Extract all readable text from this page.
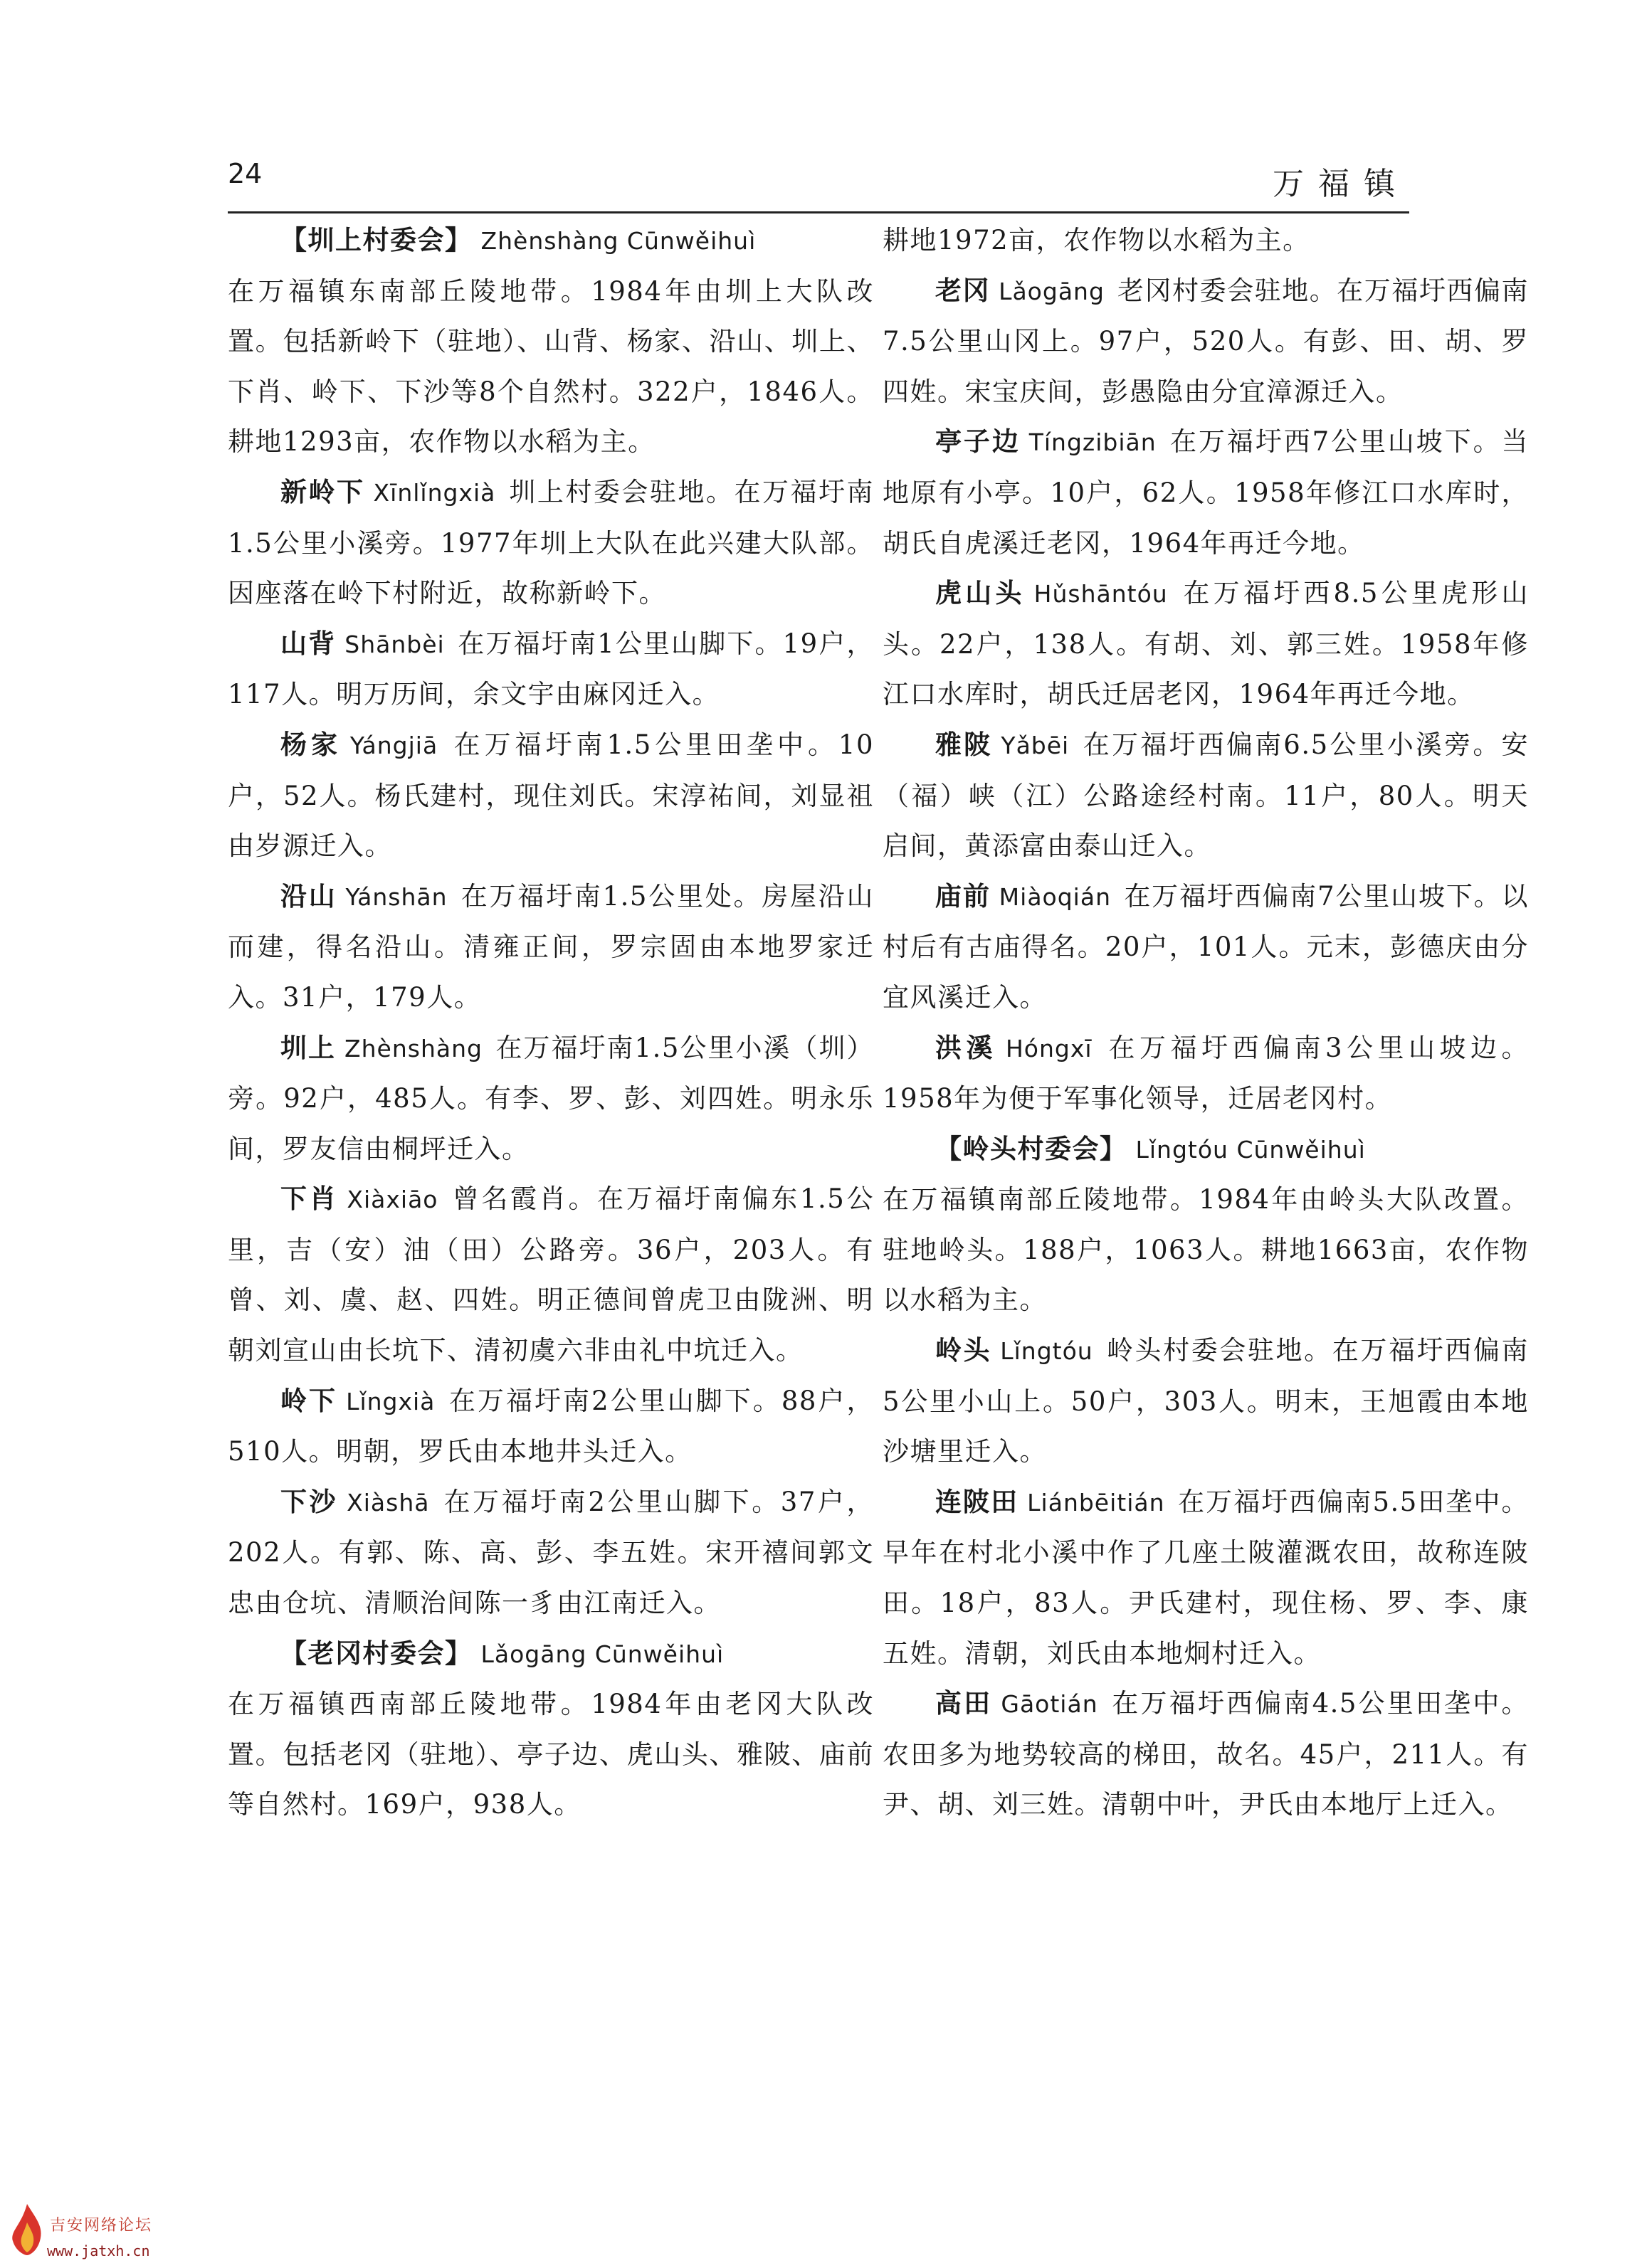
24	万福镇

【圳上村委会】 Zhènshàng Cūnwěihuì

在万福镇东南部丘陵地带。1984年由圳上大队改置。包括新岭下（驻地）、山背、杨家、沿山、圳上、下肖、岭下、下沙等8个自然村。322户，1846人。耕地1293亩，农作物以水稻为主。

新岭下 Xīnlǐngxià 圳上村委会驻地。在万福圩南1.5公里小溪旁。1977年圳上大队在此兴建大队部。因座落在岭下村附近，故称新岭下。

山背 Shānbèi 在万福圩南1公里山脚下。19户，117人。明万历间，余文宇由麻冈迁入。

杨家 Yángjiā 在万福圩南1.5公里田垄中。10户，52人。杨氏建村，现住刘氏。宋淳祐间，刘显祖由岁源迁入。

沿山 Yánshān 在万福圩南1.5公里处。房屋沿山而建，得名沿山。清雍正间，罗宗固由本地罗家迁入。31户，179人。

圳上 Zhènshàng 在万福圩南1.5公里小溪（圳）旁。92户，485人。有李、罗、彭、刘四姓。明永乐间，罗友信由桐坪迁入。

下肖 Xiàxiāo 曾名霞肖。在万福圩南偏东1.5公里，吉（安）油（田）公路旁。36户，203人。有曾、刘、虞、赵、四姓。明正德间曾虎卫由陇洲、明朝刘宣山由长坑下、清初虞六非由礼中坑迁入。

岭下 Lǐngxià 在万福圩南2公里山脚下。88户，510人。明朝，罗氏由本地井头迁入。

下沙 Xiàshā 在万福圩南2公里山脚下。37户，202人。有郭、陈、高、彭、李五姓。宋开禧间郭文忠由仓坑、清顺治间陈一豸由江南迁入。

【老冈村委会】 Lǎogāng Cūnwěihuì

在万福镇西南部丘陵地带。1984年由老冈大队改置。包括老冈（驻地）、亭子边、虎山头、雅陂、庙前等自然村。169户，938人。

耕地1972亩，农作物以水稻为主。

老冈 Lǎogāng 老冈村委会驻地。在万福圩西偏南7.5公里山冈上。97户，520人。有彭、田、胡、罗四姓。宋宝庆间，彭愚隐由分宜漳源迁入。

亭子边 Tíngzibiān 在万福圩西7公里山坡下。当地原有小亭。10户，62人。1958年修江口水库时，胡氏自虎溪迁老冈，1964年再迁今地。

虎山头 Hǔshāntóu 在万福圩西8.5公里虎形山头。22户，138人。有胡、刘、郭三姓。1958年修江口水库时，胡氏迁居老冈，1964年再迁今地。

雅陂 Yǎbēi 在万福圩西偏南6.5公里小溪旁。安（福）峡（江）公路途经村南。11户，80人。明天启间，黄添富由泰山迁入。

庙前 Miàoqián 在万福圩西偏南7公里山坡下。以村后有古庙得名。20户，101人。元末，彭德庆由分宜风溪迁入。

洪溪 Hóngxī 在万福圩西偏南3公里山坡边。1958年为便于军事化领导，迁居老冈村。

【岭头村委会】 Lǐngtóu Cūnwěihuì

在万福镇南部丘陵地带。1984年由岭头大队改置。驻地岭头。188户，1063人。耕地1663亩，农作物以水稻为主。

岭头 Lǐngtóu 岭头村委会驻地。在万福圩西偏南5公里小山上。50户，303人。明末，王旭霞由本地沙塘里迁入。

连陂田 Liánbēitián 在万福圩西偏南5.5田垄中。早年在村北小溪中作了几座土陂灌溉农田，故称连陂田。18户，83人。尹氏建村，现住杨、罗、李、康五姓。清朝，刘氏由本地炯村迁入。

高田 Gāotián 在万福圩西偏南4.5公里田垄中。农田多为地势较高的梯田，故名。45户，211人。有尹、胡、刘三姓。清朝中叶，尹氏由本地厅上迁入。

吉安网络论坛
www.jatxh.cn
